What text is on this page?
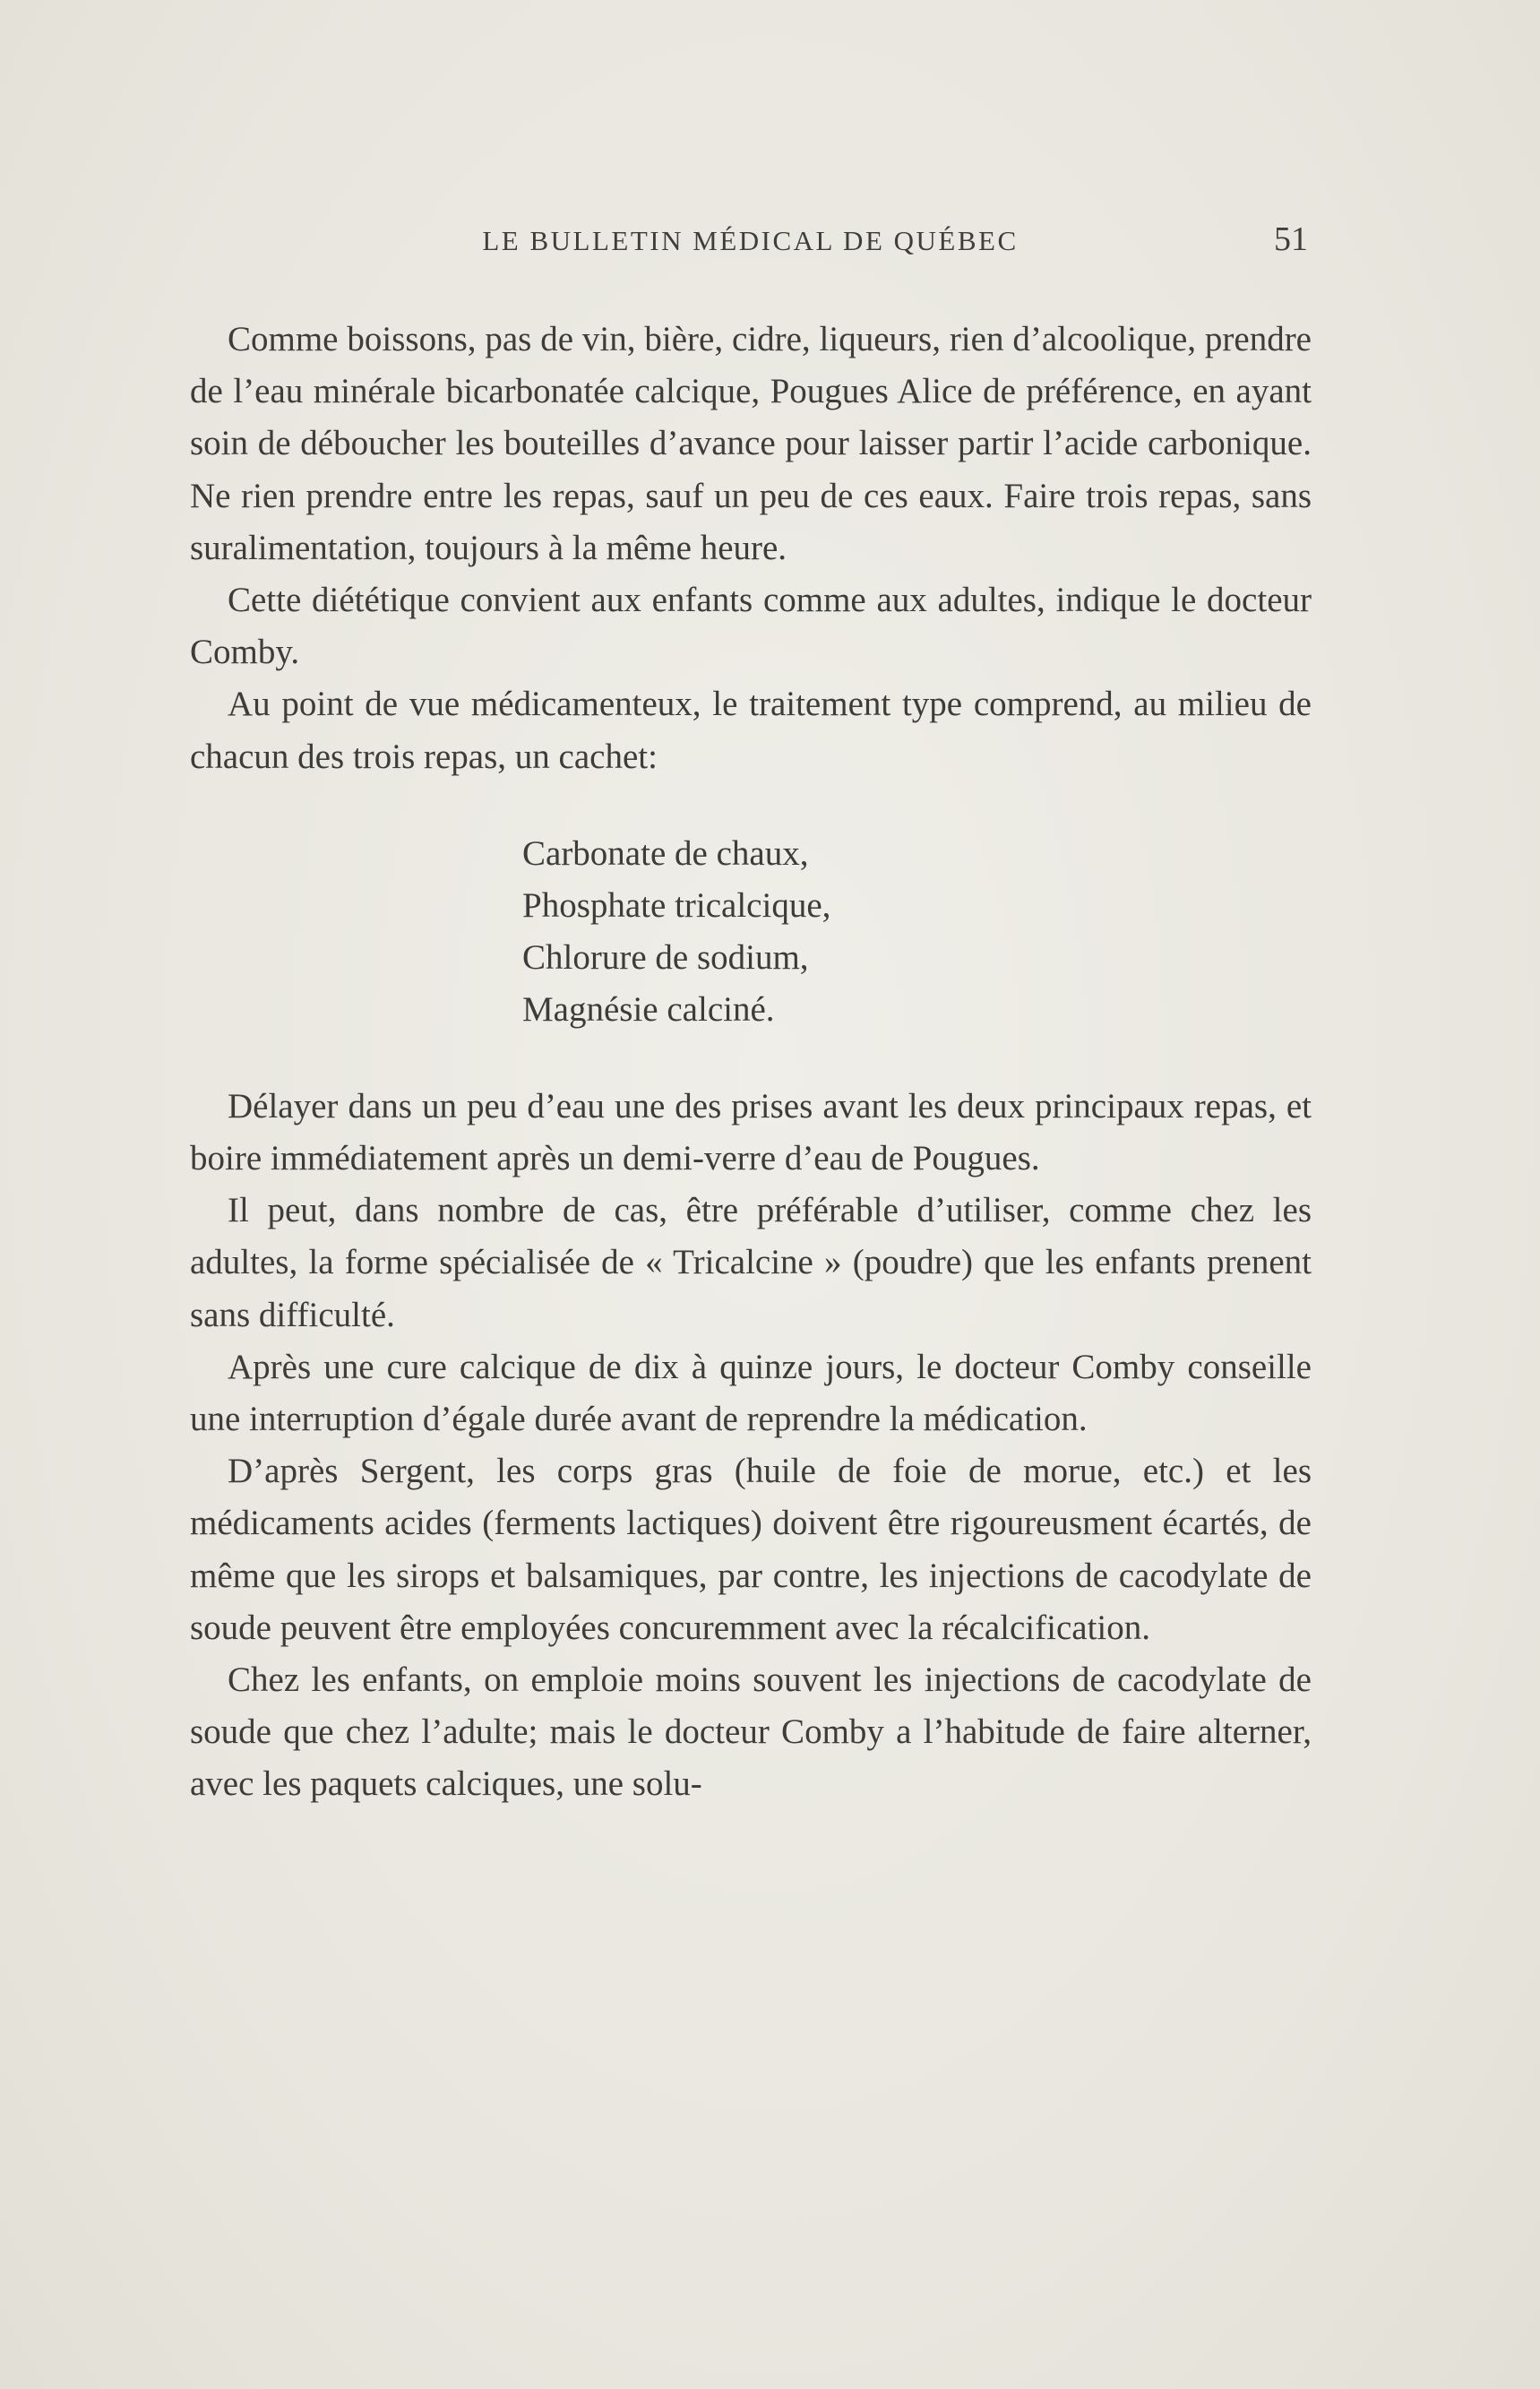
LE BULLETIN MÉDICAL DE QUÉBEC	51

Comme boissons, pas de vin, bière, cidre, liqueurs, rien d’alcoolique, prendre de l’eau minérale bicarbonatée calcique, Pougues Alice de préférence, en ayant soin de déboucher les bouteilles d’avance pour laisser partir l’acide carbonique. Ne rien prendre entre les repas, sauf un peu de ces eaux. Faire trois repas, sans suralimentation, toujours à la même heure.

Cette diététique convient aux enfants comme aux adultes, indique le docteur Comby.

Au point de vue médicamenteux, le traitement type comprend, au milieu de chacun des trois repas, un cachet:

Carbonate de chaux,
Phosphate tricalcique,
Chlorure de sodium,
Magnésie calciné.

Délayer dans un peu d’eau une des prises avant les deux principaux repas, et boire immédiatement après un demi-verre d’eau de Pougues.

Il peut, dans nombre de cas, être préférable d’utiliser, comme chez les adultes, la forme spécialisée de « Tricalcine » (poudre) que les enfants prenent sans difficulté.

Après une cure calcique de dix à quinze jours, le docteur Comby conseille une interruption d’égale durée avant de reprendre la médication.

D’après Sergent, les corps gras (huile de foie de morue, etc.) et les médicaments acides (ferments lactiques) doivent être rigoureusment écartés, de même que les sirops et balsamiques, par contre, les injections de cacodylate de soude peuvent être employées concuremment avec la récalcification.

Chez les enfants, on emploie moins souvent les injections de cacodylate de soude que chez l’adulte; mais le docteur Comby a l’habitude de faire alterner, avec les paquets calciques, une solu-
